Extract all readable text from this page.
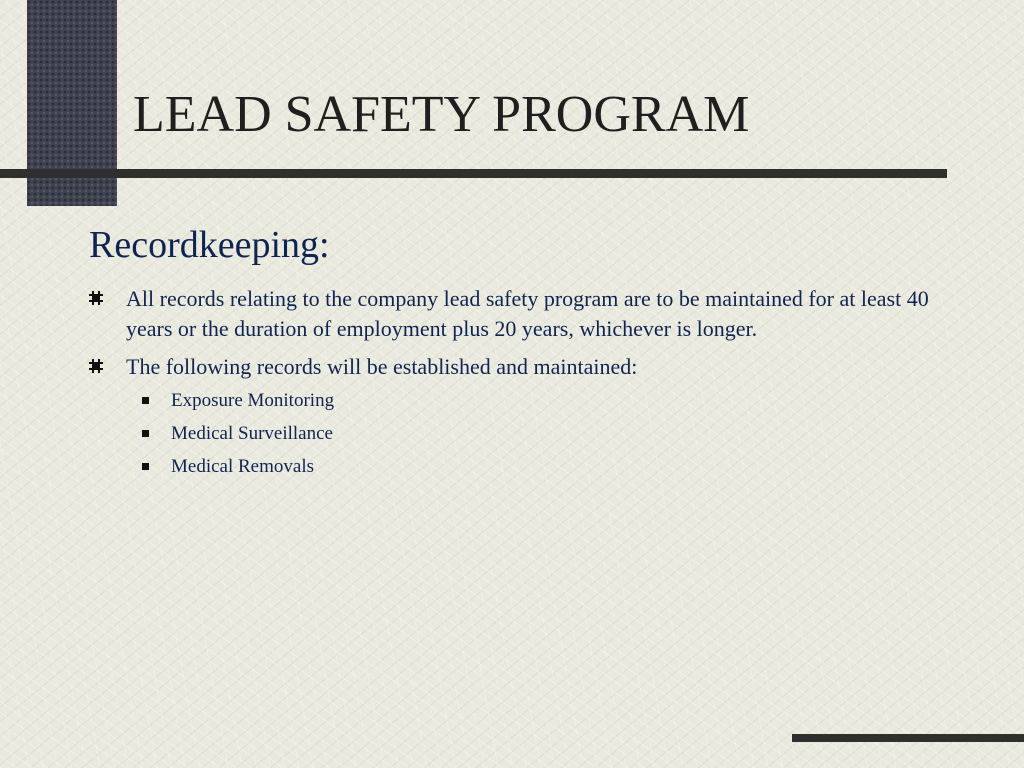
LEAD SAFETY PROGRAM
Recordkeeping:
All records relating to the company lead safety program are to be maintained for at least 40 years or the duration of employment plus 20 years, whichever is longer.
The following records will be established and maintained:
Exposure Monitoring
Medical Surveillance
Medical Removals
